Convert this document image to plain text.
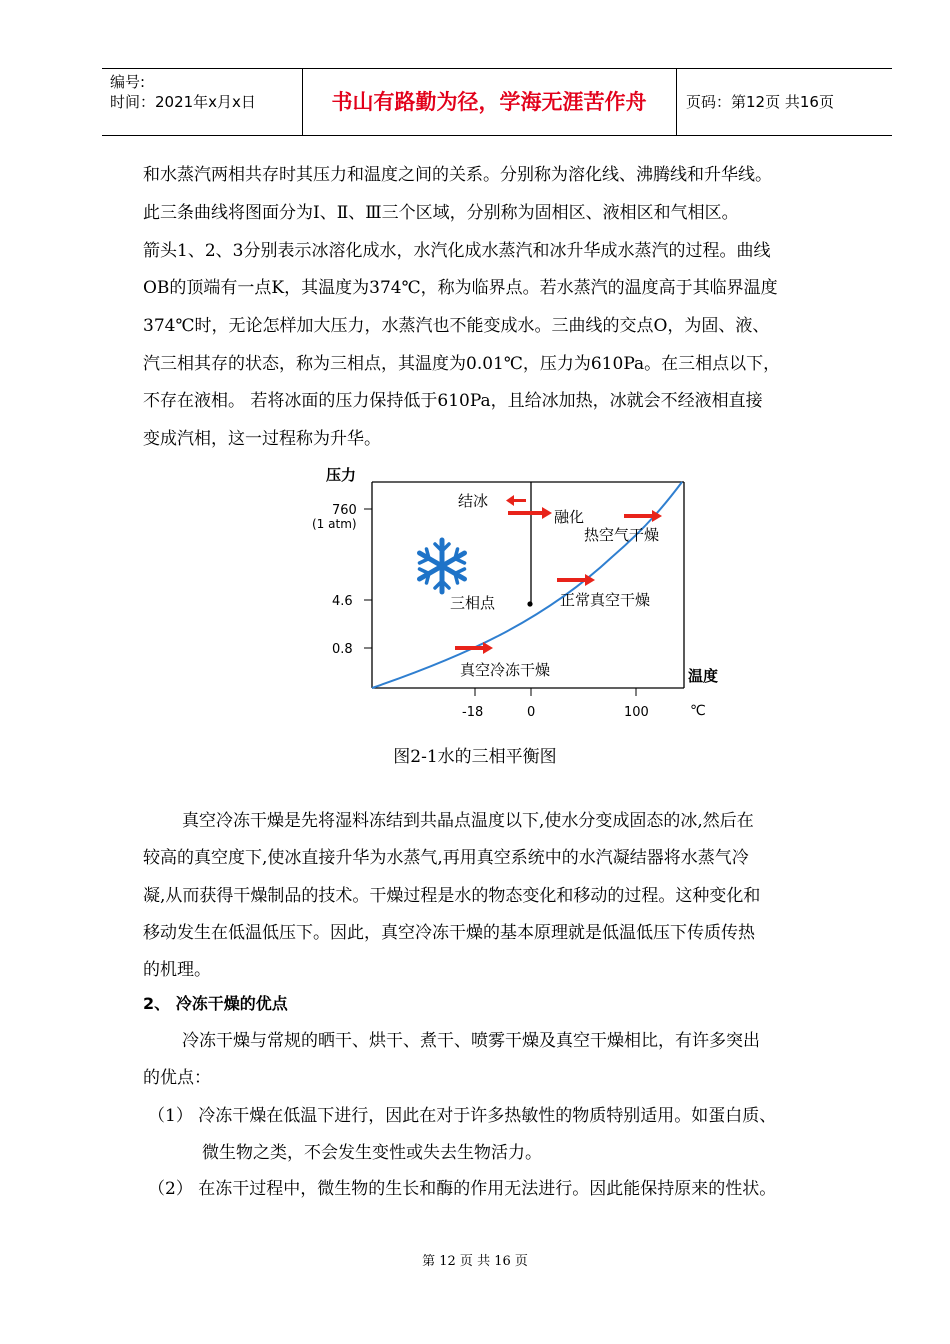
编号:
时间：2021年x月x日	书山有路勤为径，学海无涯苦作舟	页码：第12页 共16页
和水蒸汽两相共存时其压力和温度之间的关系。分别称为溶化线、沸腾线和升华线。
此三条曲线将图面分为Ⅰ、Ⅱ、Ⅲ三个区域，分别称为固相区、液相区和气相区。
箭头1、2、3分别表示冰溶化成水，水汽化成水蒸汽和冰升华成水蒸汽的过程。曲线
OB的顶端有一点K，其温度为374℃，称为临界点。若水蒸汽的温度高于其临界温度
374℃时，无论怎样加大压力，水蒸汽也不能变成水。三曲线的交点O，为固、液、
汽三相其存的状态，称为三相点，其温度为0.01℃，压力为610Pa。在三相点以下，
不存在液相。 若将冰面的压力保持低于610Pa，且给冰加热，冰就会不经液相直接
变成汽相，这一过程称为升华。
压力
温度
℃
760
(1 atm)
4.6
0.8
-18	0	100
结冰
融化
热空气干燥
三相点	正常真空干燥
真空冷冻干燥
图2-1水的三相平衡图
真空冷冻干燥是先将湿料冻结到共晶点温度以下,使水分变成固态的冰,然后在
较高的真空度下,使冰直接升华为水蒸气,再用真空系统中的水汽凝结器将水蒸气冷
凝,从而获得干燥制品的技术。干燥过程是水的物态变化和移动的过程。这种变化和
移动发生在低温低压下。因此，真空冷冻干燥的基本原理就是低温低压下传质传热
的机理。
2、 冷冻干燥的优点
冷冻干燥与常规的晒干、烘干、煮干、喷雾干燥及真空干燥相比，有许多突出
的优点：
（1） 冷冻干燥在低温下进行，因此在对于许多热敏性的物质特别适用。如蛋白质、
微生物之类，不会发生变性或失去生物活力。
（2） 在冻干过程中，微生物的生长和酶的作用无法进行。因此能保持原来的性状。
第 12 页 共 16 页
